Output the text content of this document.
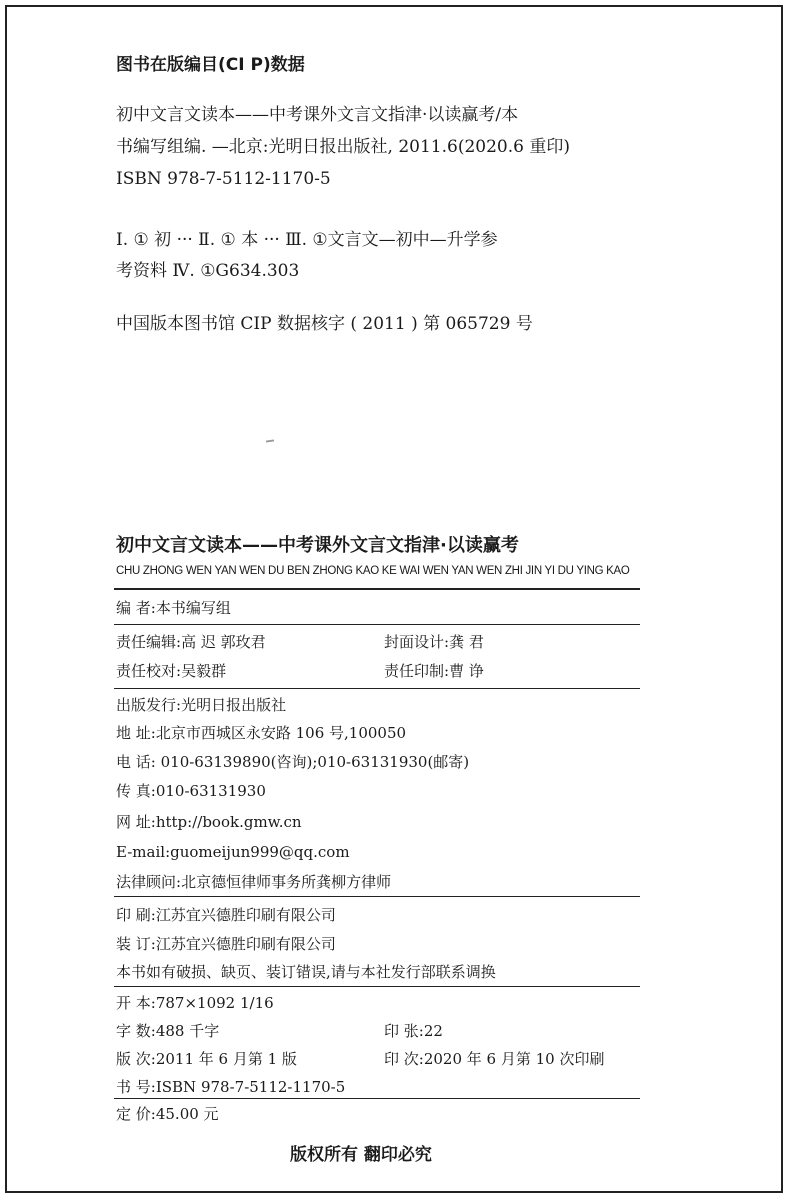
图书在版编目(CI P)数据
初中文言文读本——中考课外文言文指津·以读赢考/本
书编写组编. —北京:光明日报出版社, 2011.6(2020.6 重印)
ISBN 978-7-5112-1170-5
Ⅰ. ① 初 ··· Ⅱ. ① 本 ··· Ⅲ. ①文言文—初中—升学参
考资料 Ⅳ. ①G634.303
中国版本图书馆 CIP 数据核字 ( 2011 ) 第 065729 号
初中文言文读本——中考课外文言文指津·以读赢考
CHU ZHONG WEN YAN WEN DU BEN ZHONG KAO KE WAI WEN YAN WEN ZHI JIN YI DU YING KAO
编 者:本书编写组
责任编辑:高 迟 郭玫君	封面设计:龚 君
责任校对:吴毅群	责任印制:曹 诤
出版发行:光明日报出版社
地 址:北京市西城区永安路 106 号,100050
电 话: 010-63139890(咨询);010-63131930(邮寄)
传 真:010-63131930
网 址:http://book.gmw.cn
E-mail:guomeijun999@qq.com
法律顾问:北京德恒律师事务所龚柳方律师
印 刷:江苏宜兴德胜印刷有限公司
装 订:江苏宜兴德胜印刷有限公司
本书如有破损、缺页、装订错误,请与本社发行部联系调换
开 本:787×1092 1/16
字 数:488 千字	印 张:22
版 次:2011 年 6 月第 1 版	印 次:2020 年 6 月第 10 次印刷
书 号:ISBN 978-7-5112-1170-5
定 价:45.00 元
版权所有 翻印必究
